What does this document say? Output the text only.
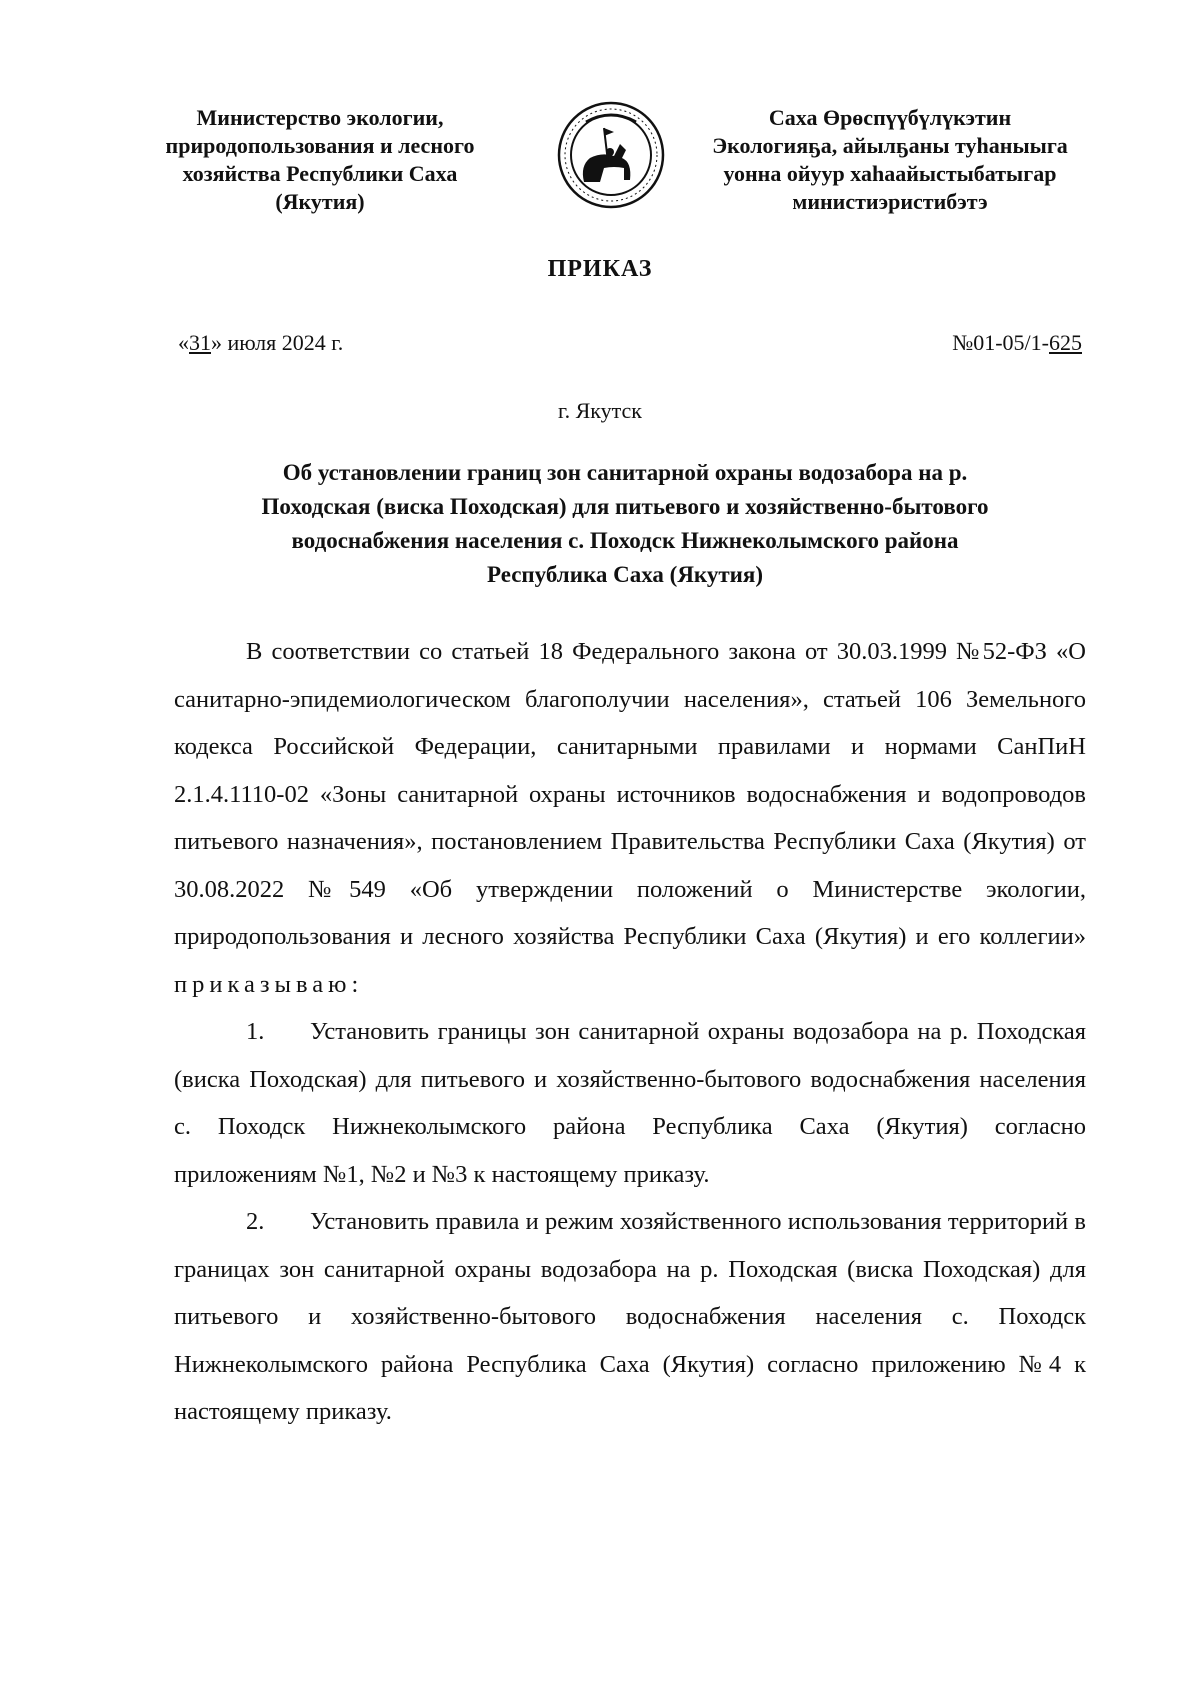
Министерство экологии,
природопользования и лесного
хозяйства Республики Саха
(Якутия)
Саха Өрөспүүбүлүкэтин
Экологияҕа, айылҕаны туһаныыга
уонна ойуур хаһаайыстыбатыгар
министиэристибэтэ
ПРИКАЗ
«31» июля 2024 г.	№01-05/1-625
г. Якутск
Об установлении границ зон санитарной охраны водозабора на р.
Походская (виска Походская) для питьевого и хозяйственно-бытового
водоснабжения населения с. Походск Нижнеколымского района
Республика Саха (Якутия)

В соответствии со статьей 18 Федерального закона от 30.03.1999 №52-ФЗ «О санитарно-эпидемиологическом благополучии населения», статьей 106 Земельного кодекса Российской Федерации, санитарными правилами и нормами СанПиН 2.1.4.1110-02 «Зоны санитарной охраны источников водоснабжения и водопроводов питьевого назначения», постановлением Правительства Республики Саха (Якутия) от 30.08.2022 №549 «Об утверждении положений о Министерстве экологии, природопользования и лесного хозяйства Республики Саха (Якутия) и его коллегии» приказываю:

1. Установить границы зон санитарной охраны водозабора на р. Походская (виска Походская) для питьевого и хозяйственно-бытового водоснабжения населения с. Походск Нижнеколымского района Республика Саха (Якутия) согласно приложениям №1, №2 и №3 к настоящему приказу.

2. Установить правила и режим хозяйственного использования территорий в границах зон санитарной охраны водозабора на р. Походская (виска Походская) для питьевого и хозяйственно-бытового водоснабжения населения с. Походск Нижнеколымского района Республика Саха (Якутия) согласно приложению №4 к настоящему приказу.
